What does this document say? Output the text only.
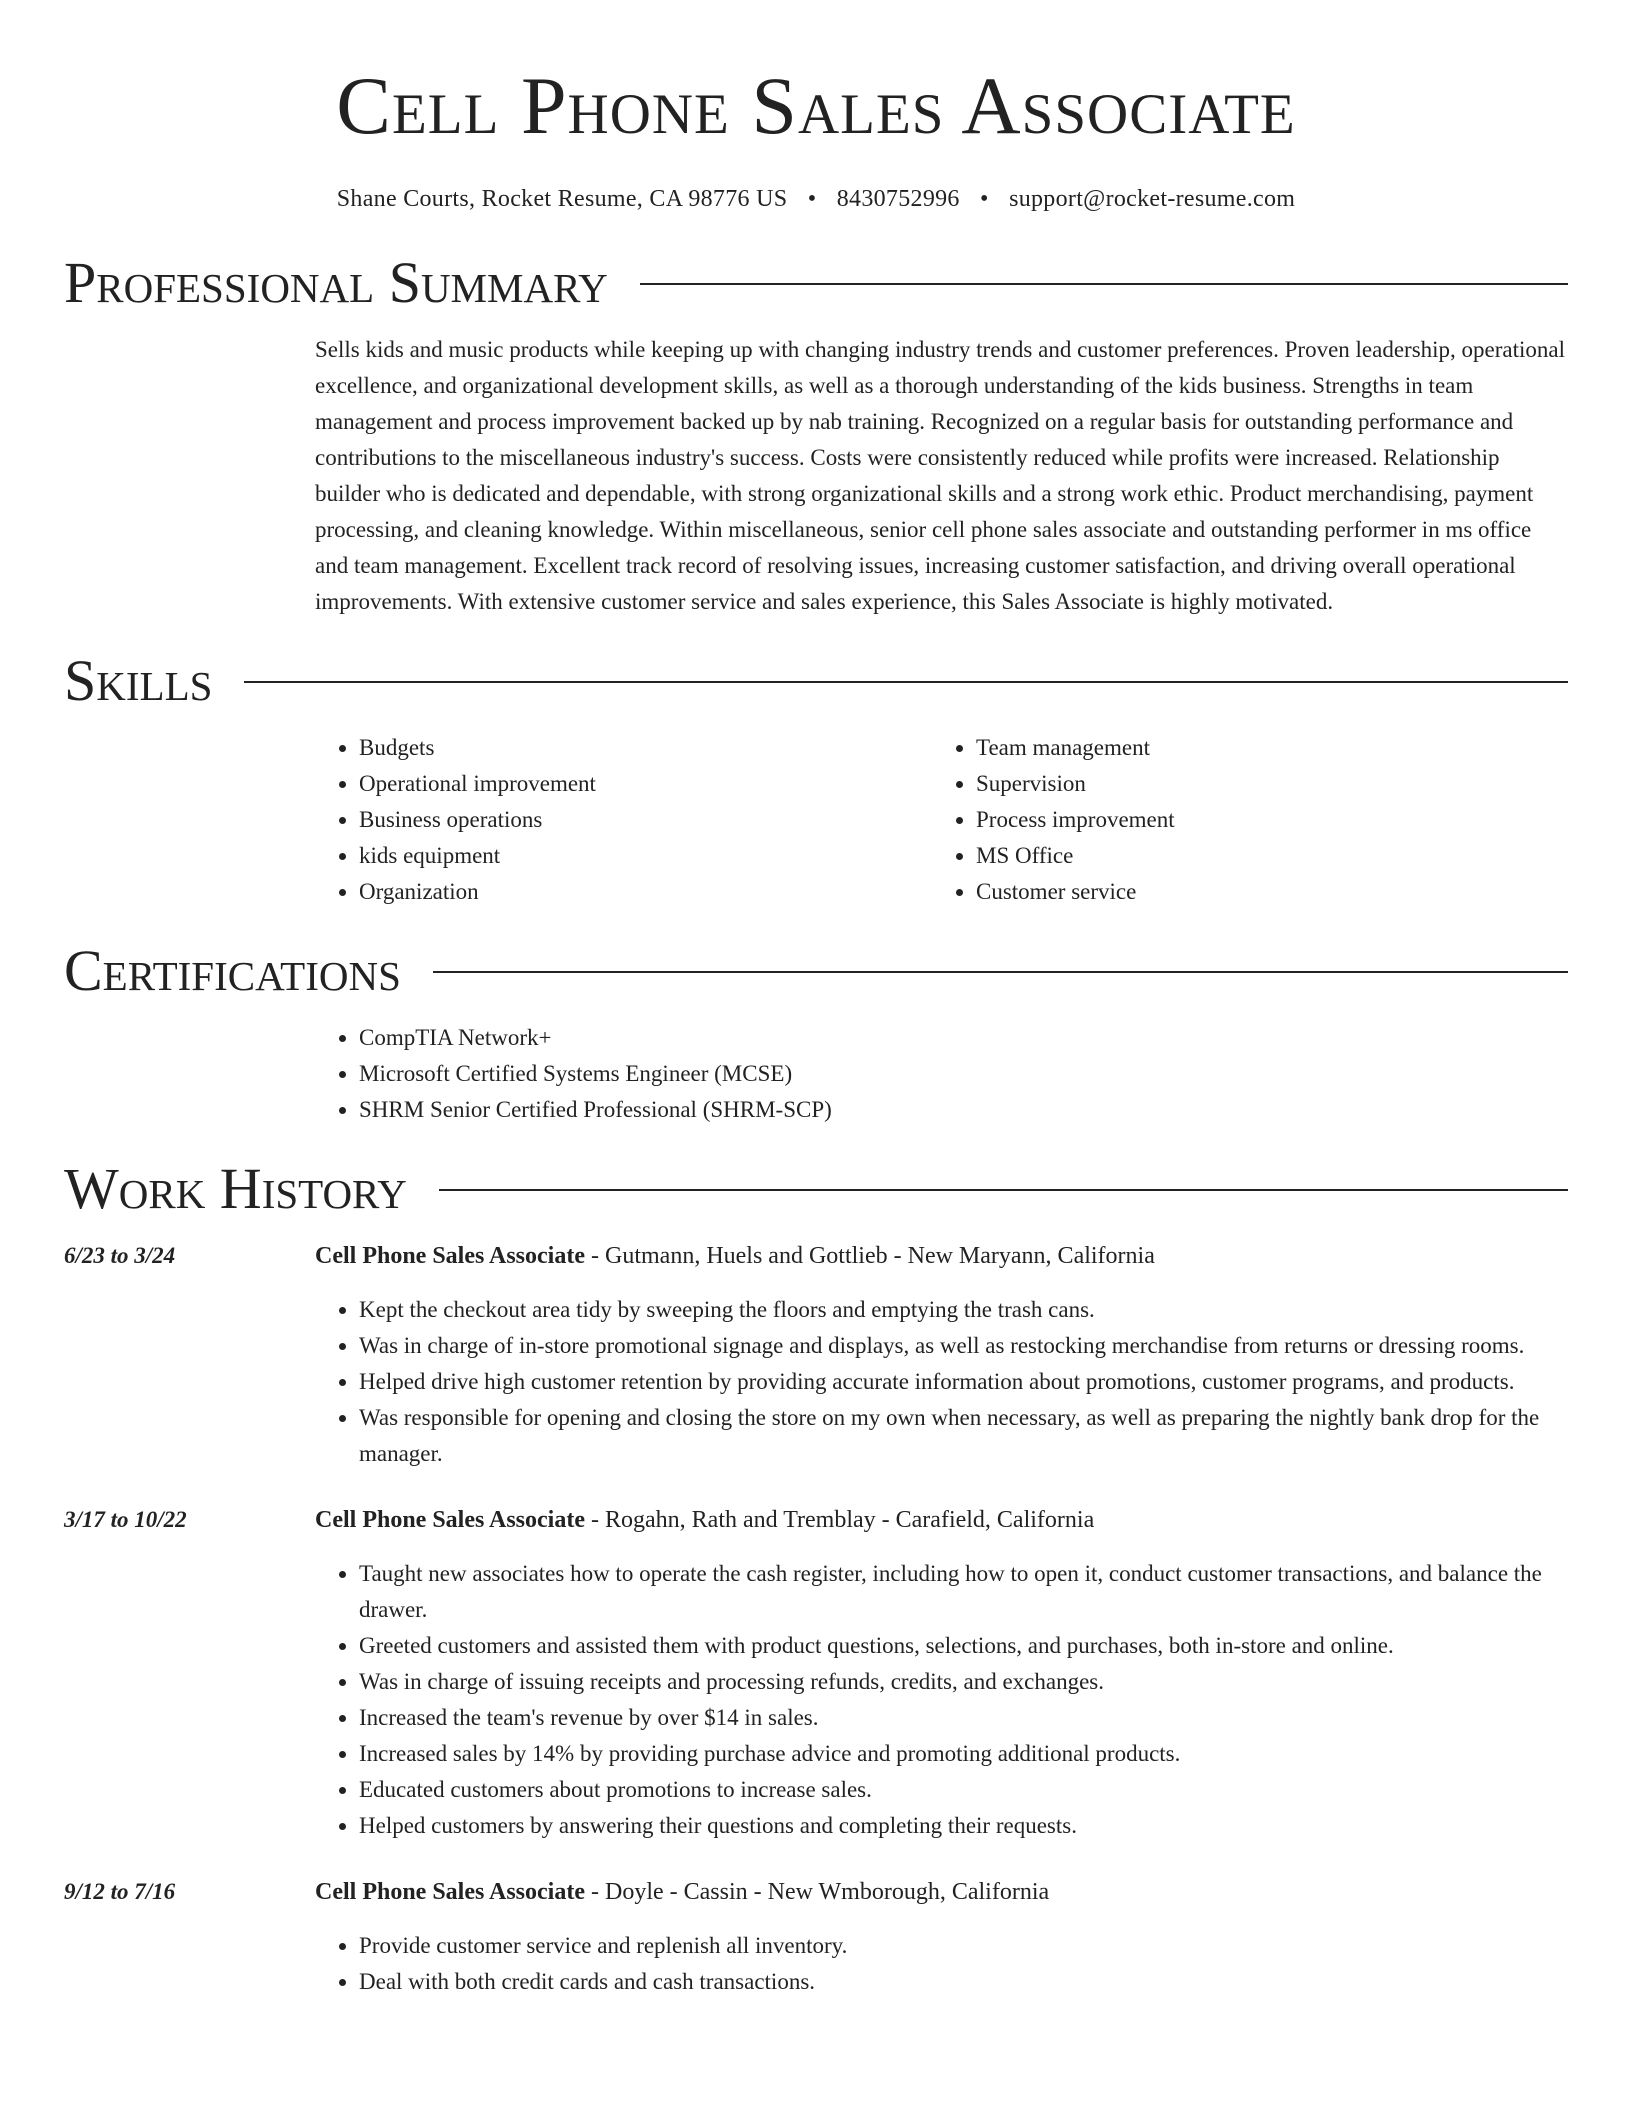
Cell Phone Sales Associate
Shane Courts, Rocket Resume, CA 98776 US • 8430752996 • support@rocket-resume.com
Professional Summary
Sells kids and music products while keeping up with changing industry trends and customer preferences. Proven leadership, operational excellence, and organizational development skills, as well as a thorough understanding of the kids business. Strengths in team management and process improvement backed up by nab training. Recognized on a regular basis for outstanding performance and contributions to the miscellaneous industry's success. Costs were consistently reduced while profits were increased. Relationship builder who is dedicated and dependable, with strong organizational skills and a strong work ethic. Product merchandising, payment processing, and cleaning knowledge. Within miscellaneous, senior cell phone sales associate and outstanding performer in ms office and team management. Excellent track record of resolving issues, increasing customer satisfaction, and driving overall operational improvements. With extensive customer service and sales experience, this Sales Associate is highly motivated.
Skills
• Budgets
• Operational improvement
• Business operations
• kids equipment
• Organization
• Team management
• Supervision
• Process improvement
• MS Office
• Customer service
Certifications
• CompTIA Network+
• Microsoft Certified Systems Engineer (MCSE)
• SHRM Senior Certified Professional (SHRM-SCP)
Work History
6/23 to 3/24	Cell Phone Sales Associate - Gutmann, Huels and Gottlieb - New Maryann, California
• Kept the checkout area tidy by sweeping the floors and emptying the trash cans.
• Was in charge of in-store promotional signage and displays, as well as restocking merchandise from returns or dressing rooms.
• Helped drive high customer retention by providing accurate information about promotions, customer programs, and products.
• Was responsible for opening and closing the store on my own when necessary, as well as preparing the nightly bank drop for the manager.
3/17 to 10/22	Cell Phone Sales Associate - Rogahn, Rath and Tremblay - Carafield, California
• Taught new associates how to operate the cash register, including how to open it, conduct customer transactions, and balance the drawer.
• Greeted customers and assisted them with product questions, selections, and purchases, both in-store and online.
• Was in charge of issuing receipts and processing refunds, credits, and exchanges.
• Increased the team's revenue by over $14 in sales.
• Increased sales by 14% by providing purchase advice and promoting additional products.
• Educated customers about promotions to increase sales.
• Helped customers by answering their questions and completing their requests.
9/12 to 7/16	Cell Phone Sales Associate - Doyle - Cassin - New Wmborough, California
• Provide customer service and replenish all inventory.
• Deal with both credit cards and cash transactions.
